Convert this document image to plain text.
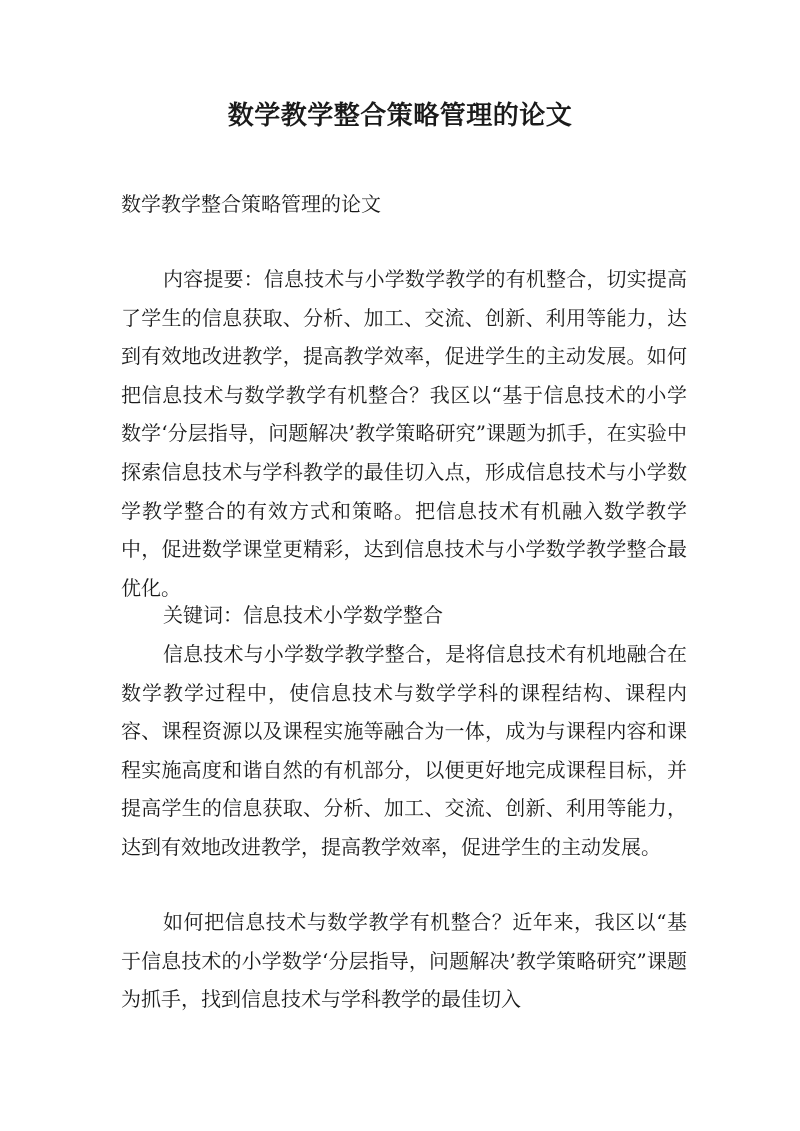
数学教学整合策略管理的论文
数学教学整合策略管理的论文

内容提要：信息技术与小学数学教学的有机整合，切实提高了学生的信息获取、分析、加工、交流、创新、利用等能力，达到有效地改进教学，提高教学效率，促进学生的主动发展。如何把信息技术与数学教学有机整合？我区以“基于信息技术的小学数学‘分层指导，问题解决’教学策略研究”课题为抓手，在实验中探索信息技术与学科教学的最佳切入点，形成信息技术与小学数学教学整合的有效方式和策略。把信息技术有机融入数学教学中，促进数学课堂更精彩，达到信息技术与小学数学教学整合最优化。

关键词：信息技术小学数学整合

信息技术与小学数学教学整合，是将信息技术有机地融合在数学教学过程中，使信息技术与数学学科的课程结构、课程内容、课程资源以及课程实施等融合为一体，成为与课程内容和课程实施高度和谐自然的有机部分，以便更好地完成课程目标，并提高学生的信息获取、分析、加工、交流、创新、利用等能力，达到有效地改进教学，提高教学效率，促进学生的主动发展。

如何把信息技术与数学教学有机整合？近年来，我区以“基于信息技术的小学数学‘分层指导，问题解决’教学策略研究”课题为抓手，找到信息技术与学科教学的最佳切入
